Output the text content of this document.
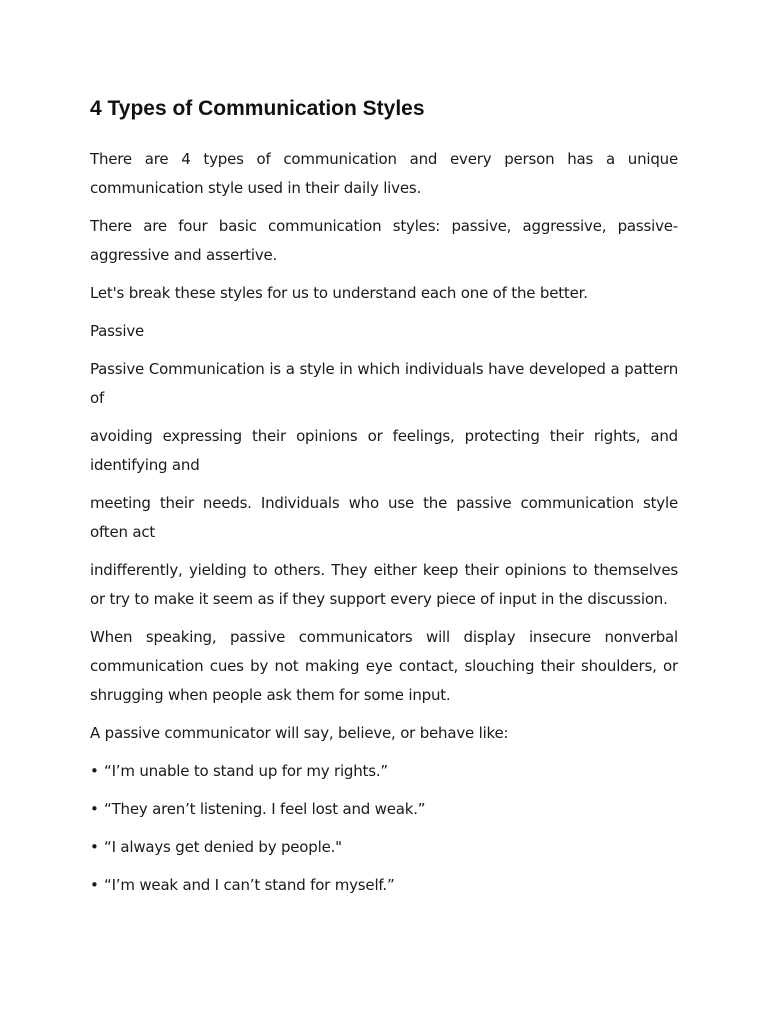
4 Types of Communication Styles

There are 4 types of communication and every person has a unique communication style used in their daily lives.

There are four basic communication styles: passive, aggressive, passive-aggressive and assertive.

Let's break these styles for us to understand each one of the better.

Passive

Passive Communication is a style in which individuals have developed a pattern of

avoiding expressing their opinions or feelings, protecting their rights, and identifying and

meeting their needs. Individuals who use the passive communication style often act

indifferently, yielding to others. They either keep their opinions to themselves or try to make it seem as if they support every piece of input in the discussion.

When speaking, passive communicators will display insecure nonverbal communication cues by not making eye contact, slouching their shoulders, or shrugging when people ask them for some input.

A passive communicator will say, believe, or behave like:

• “I’m unable to stand up for my rights.”
• “They aren’t listening. I feel lost and weak.”
• “I always get denied by people."
• “I’m weak and I can’t stand for myself.”
